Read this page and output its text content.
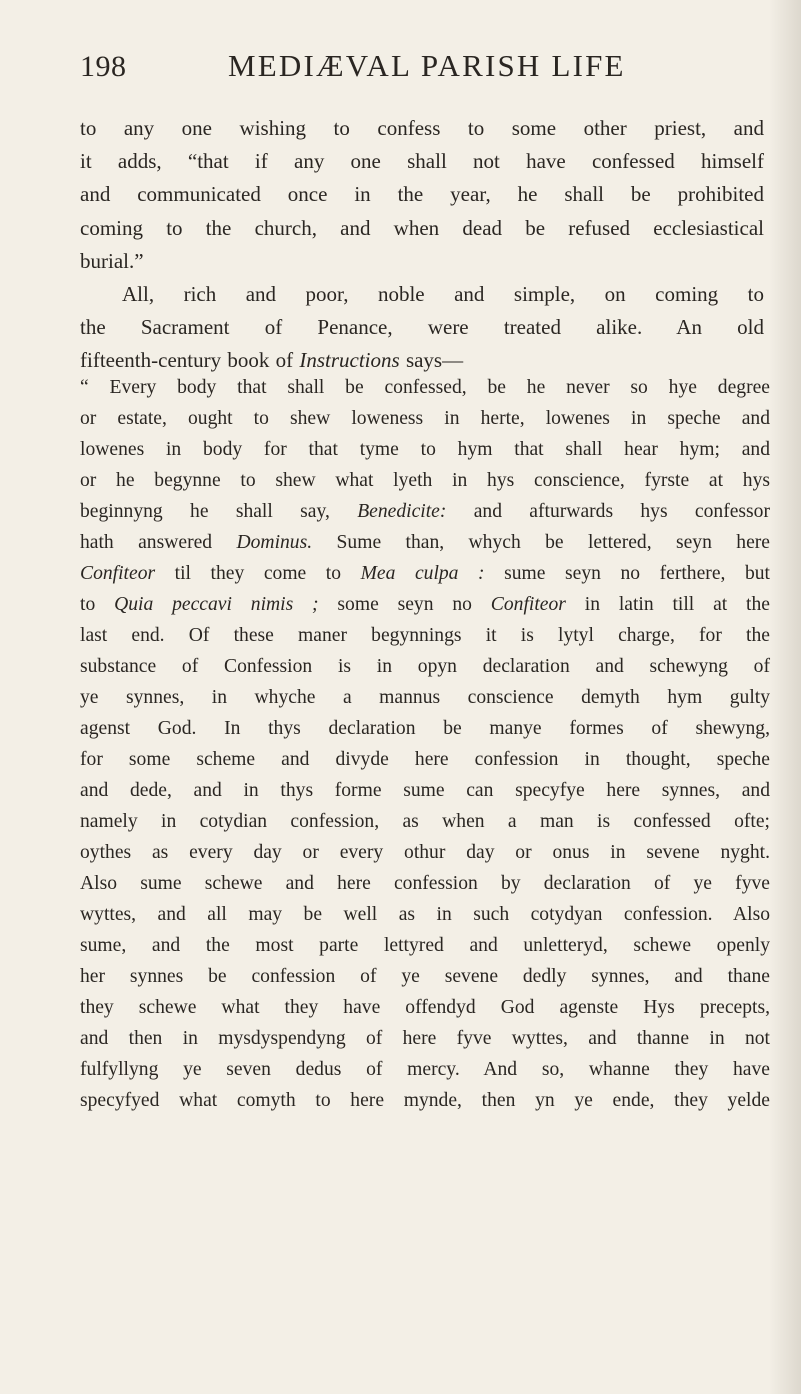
198	MEDIÆVAL PARISH LIFE

to any one wishing to confess to some other priest, and
it adds, “that if any one shall not have confessed himself
and communicated once in the year, he shall be prohibited
coming to the church, and when dead be refused ecclesiastical
burial.”

All, rich and poor, noble and simple, on coming to
the Sacrament of Penance, were treated alike. An old
fifteenth-century book of Instructions says—

“ Every body that shall be confessed, be he never so hye degree
or estate, ought to shew loweness in herte, lowenes in speche and
lowenes in body for that tyme to hym that shall hear hym; and
or he begynne to shew what lyeth in hys conscience, fyrste at hys
beginnyng he shall say, Benedicite: and afturwards hys confessor
hath answered Dominus. Sume than, whych be lettered, seyn here
Confiteor til they come to Mea culpa : sume seyn no ferthere, but
to Quia peccavi nimis ; some seyn no Confiteor in latin till at the
last end. Of these maner begynnings it is lytyl charge, for the
substance of Confession is in opyn declaration and schewyng of
ye synnes, in whyche a mannus conscience demyth hym gulty
agenst God. In thys declaration be manye formes of shewyng,
for some scheme and divyde here confession in thought, speche
and dede, and in thys forme sume can specyfye here synnes, and
namely in cotydian confession, as when a man is confessed ofte;
oythes as every day or every othur day or onus in sevene nyght.
Also sume schewe and here confession by declaration of ye fyve
wyttes, and all may be well as in such cotydyan confession. Also
sume, and the most parte lettyred and unletteryd, schewe openly
her synnes be confession of ye sevene dedly synnes, and thane
they schewe what they have offendyd God agenste Hys precepts,
and then in mysdyspendyng of here fyve wyttes, and thanne in not
fulfyllyng ye seven dedus of mercy. And so, whanne they have
specyfyed what comyth to here mynde, then yn ye ende, they yelde
